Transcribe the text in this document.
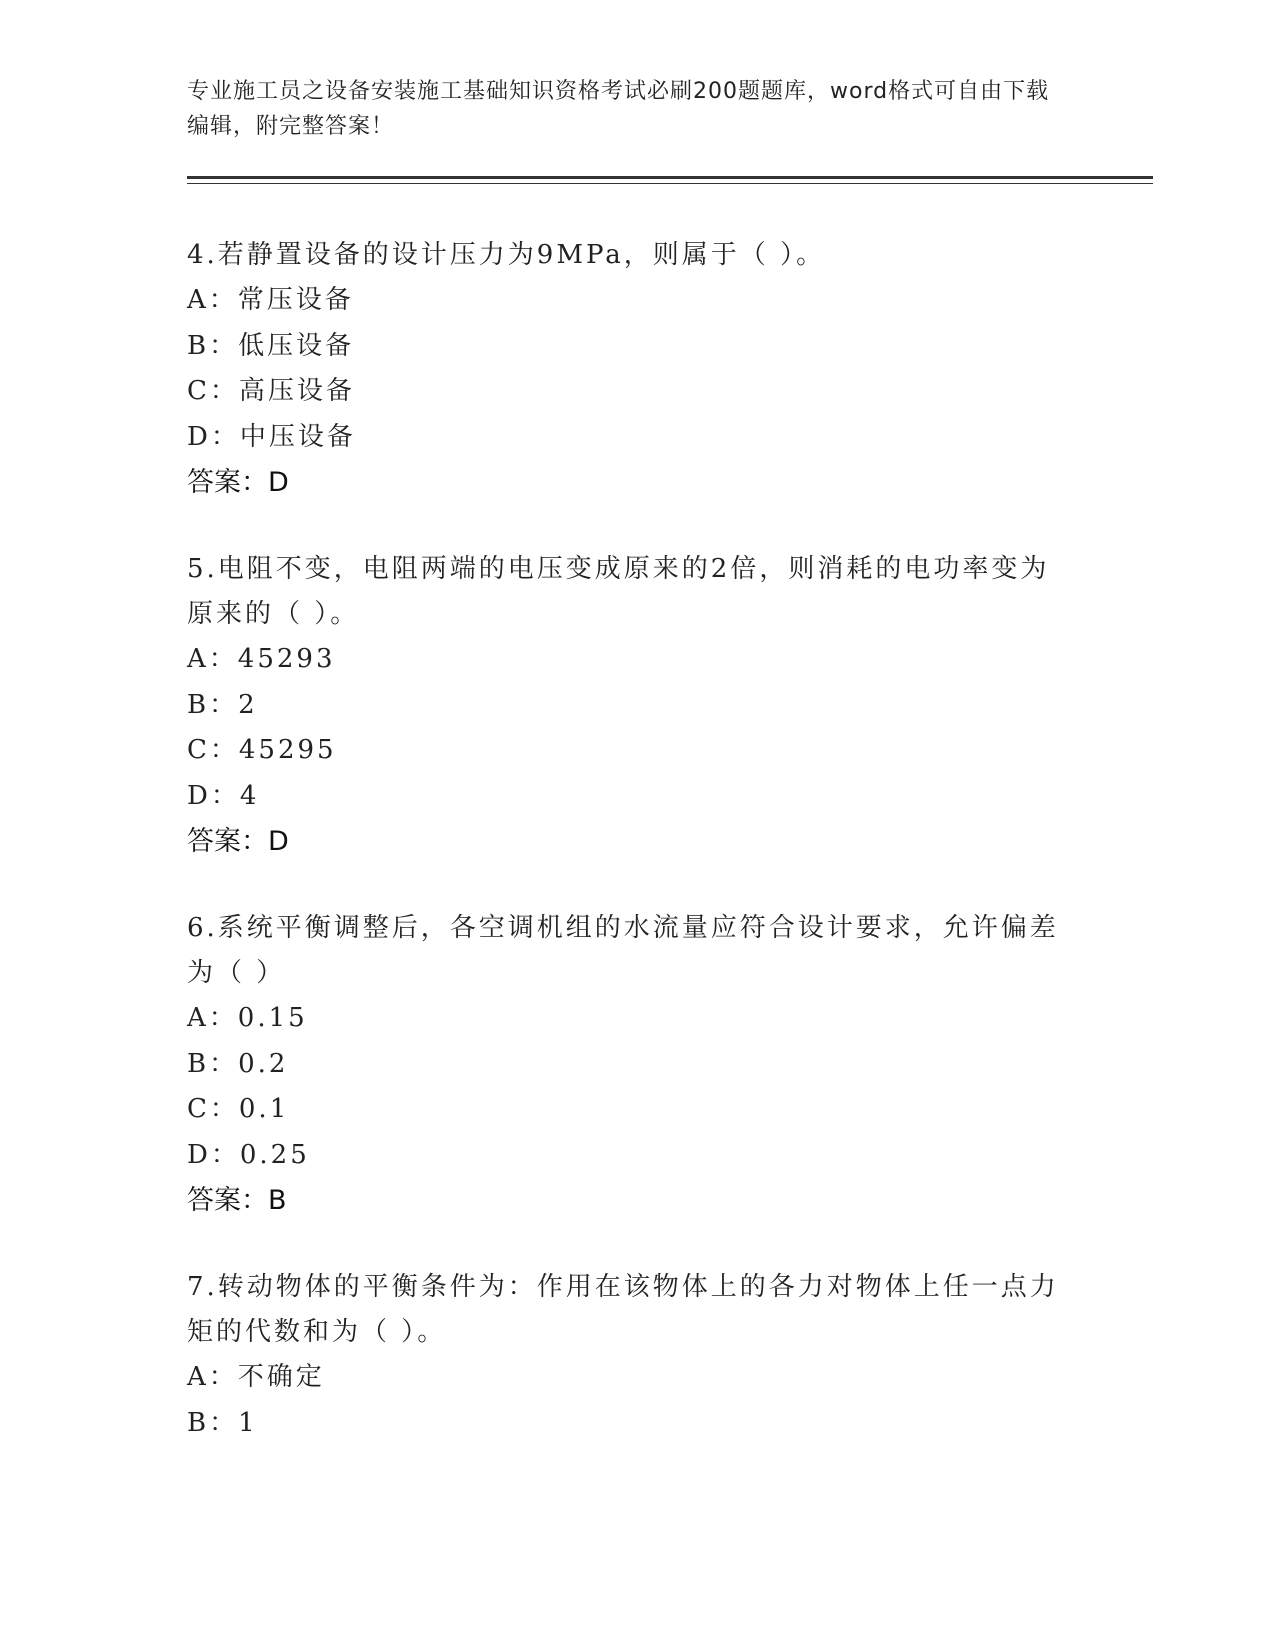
专业施工员之设备安装施工基础知识资格考试必刷200题题库，word格式可自由下载编辑，附完整答案！

4.若静置设备的设计压力为9MPa，则属于（ ）。

A：常压设备

B：低压设备

C：高压设备

D：中压设备

答案：D

5.电阻不变，电阻两端的电压变成原来的2倍，则消耗的电功率变为原来的（ ）。

A：45293

B：2

C：45295

D：4

答案：D

6.系统平衡调整后，各空调机组的水流量应符合设计要求，允许偏差为（ ）

A：0.15

B：0.2

C：0.1

D：0.25

答案：B

7.转动物体的平衡条件为：作用在该物体上的各力对物体上任一点力矩的代数和为（ ）。

A：不确定

B：1
